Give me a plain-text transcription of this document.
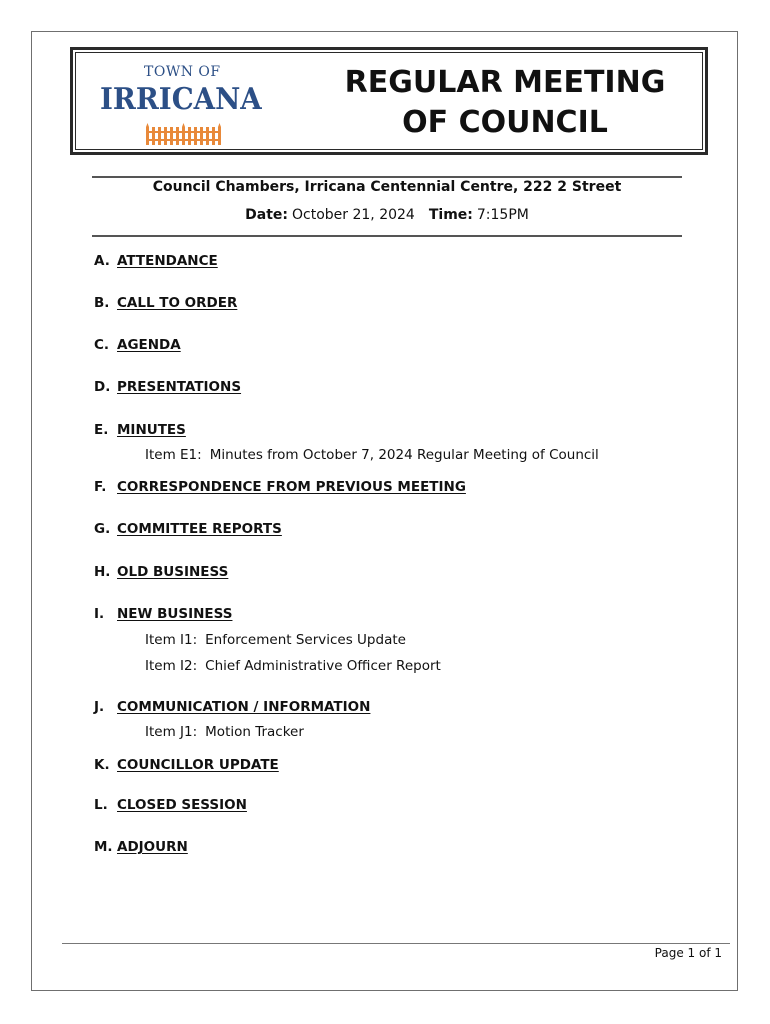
TOWN OF
IRRICANA	REGULAR MEETING
OF COUNCIL
Council Chambers, Irricana Centennial Centre, 222 2 Street
Date: October 21, 2024 Time: 7:15PM
A. ATTENDANCE
B. CALL TO ORDER
C. AGENDA
D. PRESENTATIONS
E. MINUTES
Item E1: Minutes from October 7, 2024 Regular Meeting of Council
F. CORRESPONDENCE FROM PREVIOUS MEETING
G. COMMITTEE REPORTS
H. OLD BUSINESS
I. NEW BUSINESS
Item I1: Enforcement Services Update
Item I2: Chief Administrative Officer Report
J. COMMUNICATION / INFORMATION
Item J1: Motion Tracker
K. COUNCILLOR UPDATE
L. CLOSED SESSION
M. ADJOURN
Page 1 of 1
